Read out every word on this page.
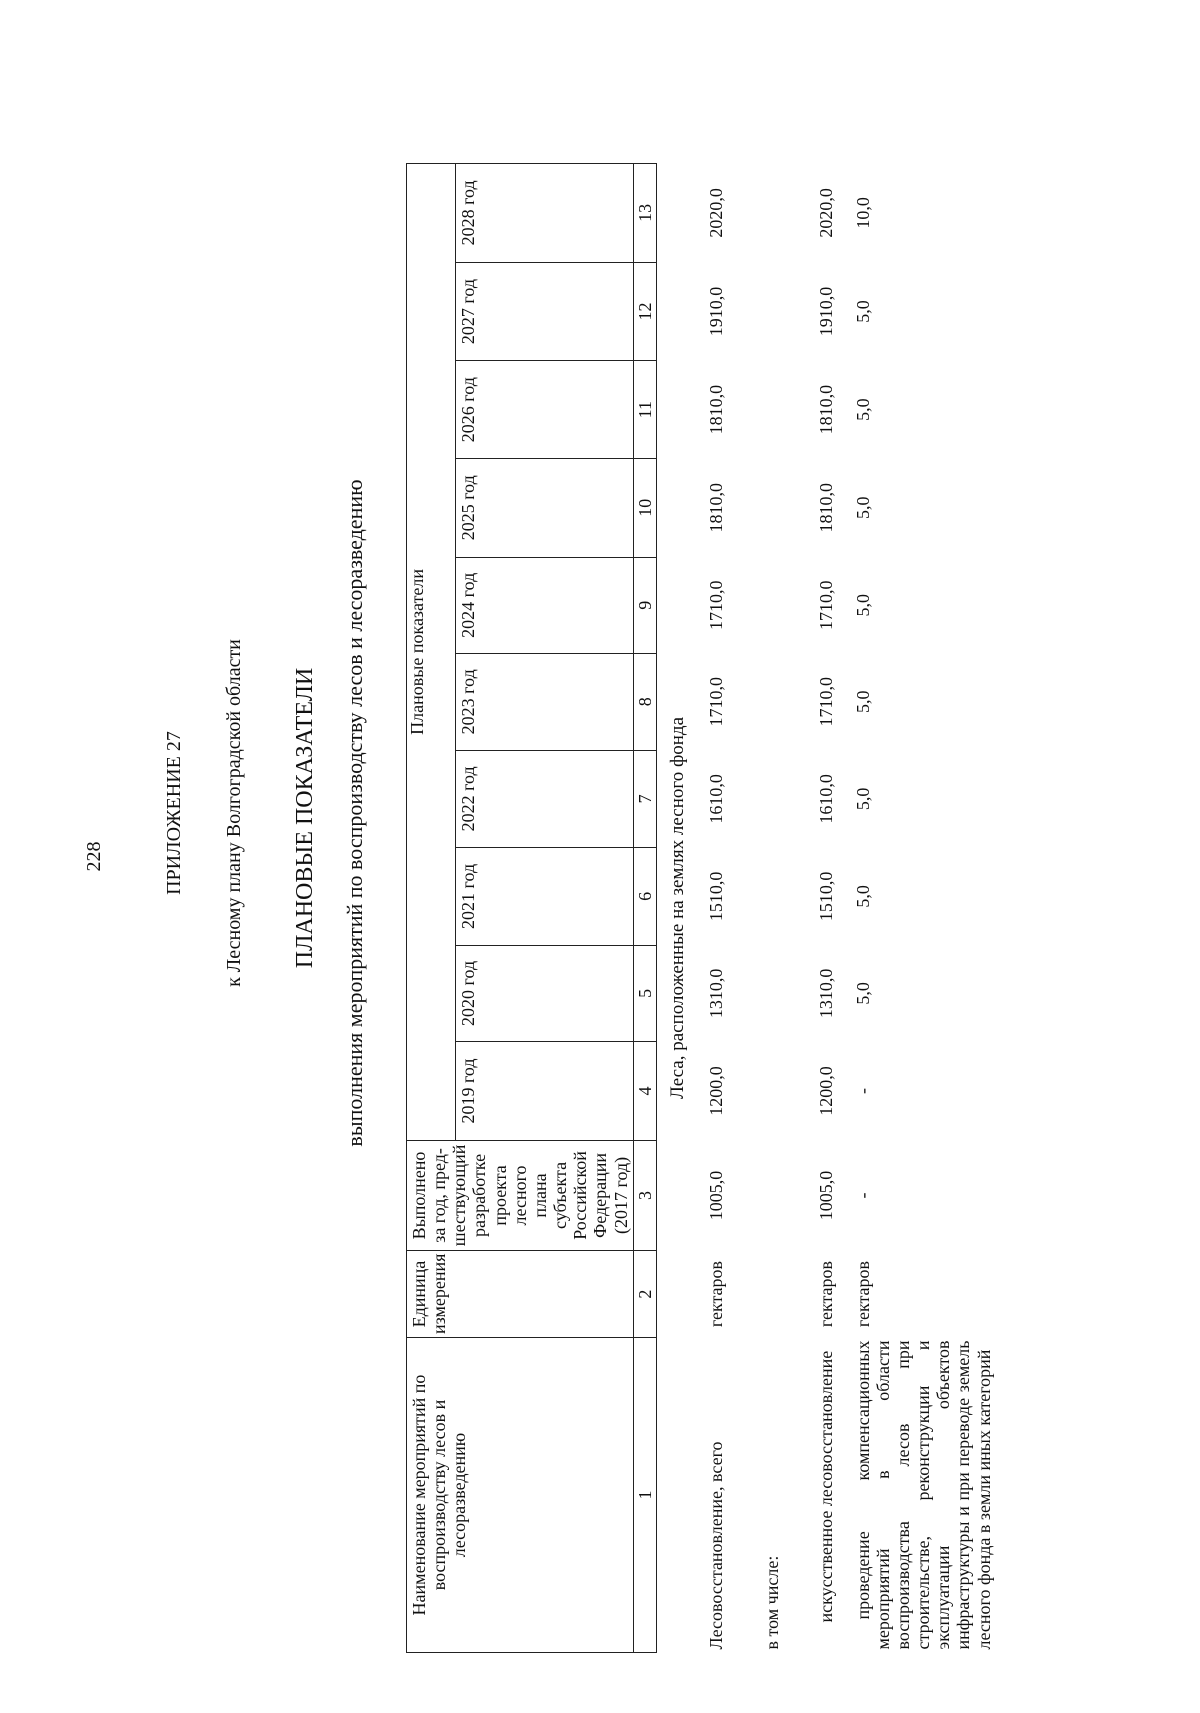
228	ПРИЛОЖЕНИЕ 27 к Лесному плану Волгоградской области ПЛАНОВЫЕ ПОКАЗАТЕЛИ выполнения мероприятий по воспроизводству лесов и лесоразведению
Наименование мероприятий по воспроизводству лесов и лесоразведению	Единица измерения	Выполнено за год, пред-шествующий разработке проекта лесного плана субъекта Российской Федерации (2017 год)	Плановые показатели									
			2019 год	2020 год	2021 год	2022 год	2023 год	2024 год	2025 год	2026 год	2027 год	2028 год
1	2	3	4	5	6	7	8	9	10	11	12	13
Леса, расположенные на землях лесного фонда												
Лесовосстановление, всего	гектаров	1005,0	1200,0	1310,0	1510,0	1610,0	1710,0	1710,0	1810,0	1810,0	1910,0	2020,0
в том числе:												
искусственное лесовосстановление	гектаров	1005,0	1200,0	1310,0	1510,0	1610,0	1710,0	1710,0	1810,0	1810,0	1910,0	2020,0
проведение компенсационных мероприятий в области воспроизводства лесов при строительстве, реконструкции и эксплуатации объектов инфраструктуры и при переводе земель лесного фонда в земли иных категорий	гектаров	-	-	5,0	5,0	5,0	5,0	5,0	5,0	5,0	5,0	10,0
